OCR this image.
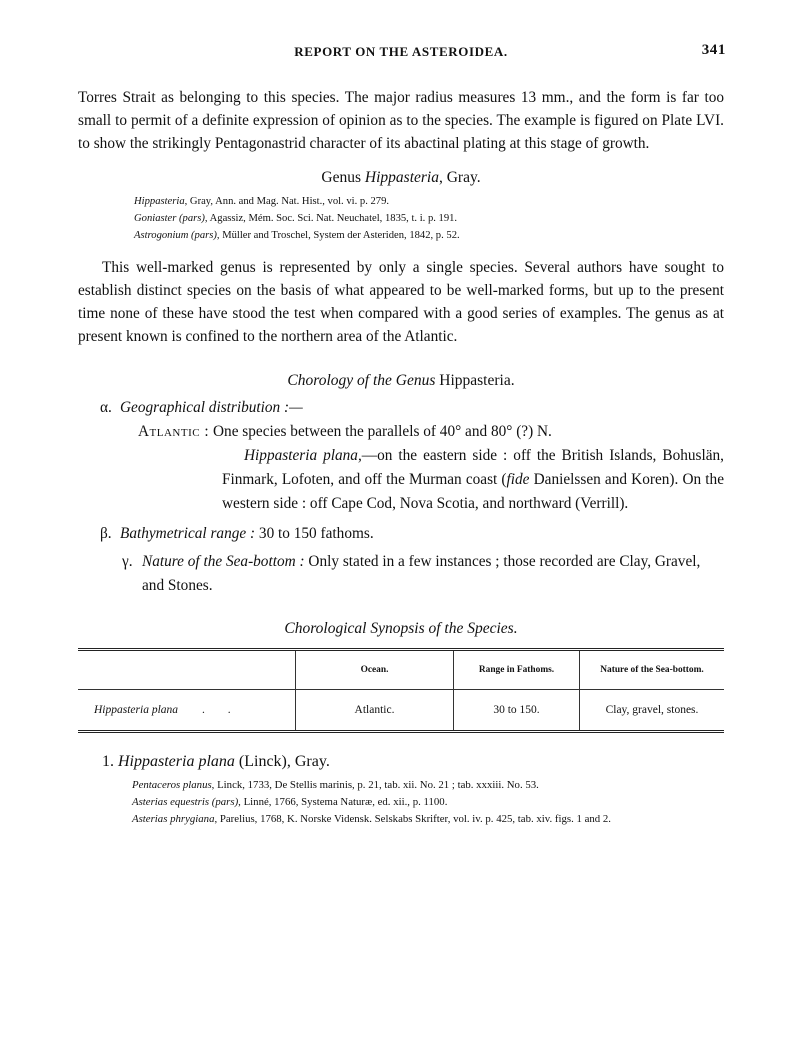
REPORT ON THE ASTEROIDEA.	341

Torres Strait as belonging to this species. The major radius measures 13 mm., and the form is far too small to permit of a definite expression of opinion as to the species. The example is figured on Plate LVI. to show the strikingly Pentagonastrid character of its abactinal plating at this stage of growth.

Genus Hippasteria, Gray.
Hippasteria, Gray, Ann. and Mag. Nat. Hist., vol. vi. p. 279.
Goniaster (pars), Agassiz, Mém. Soc. Sci. Nat. Neuchatel, 1835, t. i. p. 191.
Astrogonium (pars), Müller and Troschel, System der Asteriden, 1842, p. 52.

This well-marked genus is represented by only a single species. Several authors have sought to establish distinct species on the basis of what appeared to be well-marked forms, but up to the present time none of these have stood the test when compared with a good series of examples. The genus as at present known is confined to the northern area of the Atlantic.

Chorology of the Genus Hippasteria.
α. Geographical distribution :—
Atlantic : One species between the parallels of 40° and 80° (?) N.
Hippasteria plana,—on the eastern side : off the British Islands, Bohuslän, Finmark, Lofoten, and off the Murman coast (fide Danielssen and Koren). On the western side : off Cape Cod, Nova Scotia, and northward (Verrill).
β. Bathymetrical range : 30 to 150 fathoms.
γ. Nature of the Sea-bottom : Only stated in a few instances ; those recorded are Clay, Gravel, and Stones.
Chorological Synopsis of the Species.
	Ocean.	Range in Fathoms.	Nature of the Sea-bottom.
Hippasteria plana . .	Atlantic.	30 to 150.	Clay, gravel, stones.
1. Hippasteria plana (Linck), Gray.
Pentaceros planus, Linck, 1733, De Stellis marinis, p. 21, tab. xii. No. 21 ; tab. xxxiii. No. 53.
Asterias equestris (pars), Linné, 1766, Systema Naturæ, ed. xii., p. 1100.
Asterias phrygiana, Parelius, 1768, K. Norske Vidensk. Selskabs Skrifter, vol. iv. p. 425, tab. xiv. figs. 1 and 2.
